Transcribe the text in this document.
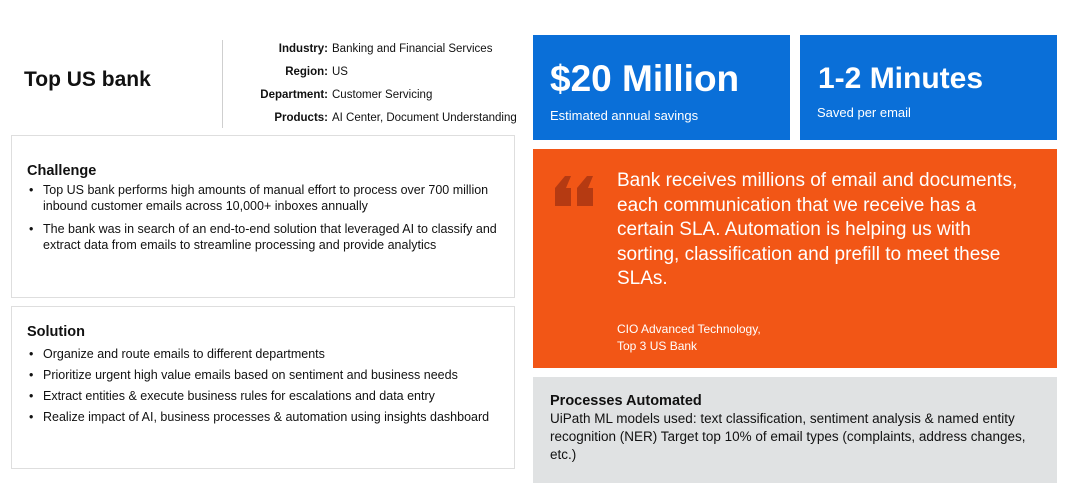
Top US bank
Industry: Banking and Financial Services
Region: US
Department: Customer Servicing
Products: AI Center, Document Understanding
Challenge
• Top US bank performs high amounts of manual effort to process over 700 million inbound customer emails across 10,000+ inboxes annually
• The bank was in search of an end-to-end solution that leveraged AI to classify and extract data from emails to streamline processing and provide analytics
Solution
• Organize and route emails to different departments
• Prioritize urgent high value emails based on sentiment and business needs
• Extract entities & execute business rules for escalations and data entry
• Realize impact of AI, business processes & automation using insights dashboard
$20 Million
Estimated annual savings
1-2 Minutes
Saved per email
Bank receives millions of email and documents, each communication that we receive has a certain SLA. Automation is helping us with sorting, classification and prefill to meet these SLAs.
CIO Advanced Technology,
Top 3 US Bank
Processes Automated

UiPath ML models used: text classification, sentiment analysis & named entity recognition (NER) Target top 10% of email types (complaints, address changes, etc.)
